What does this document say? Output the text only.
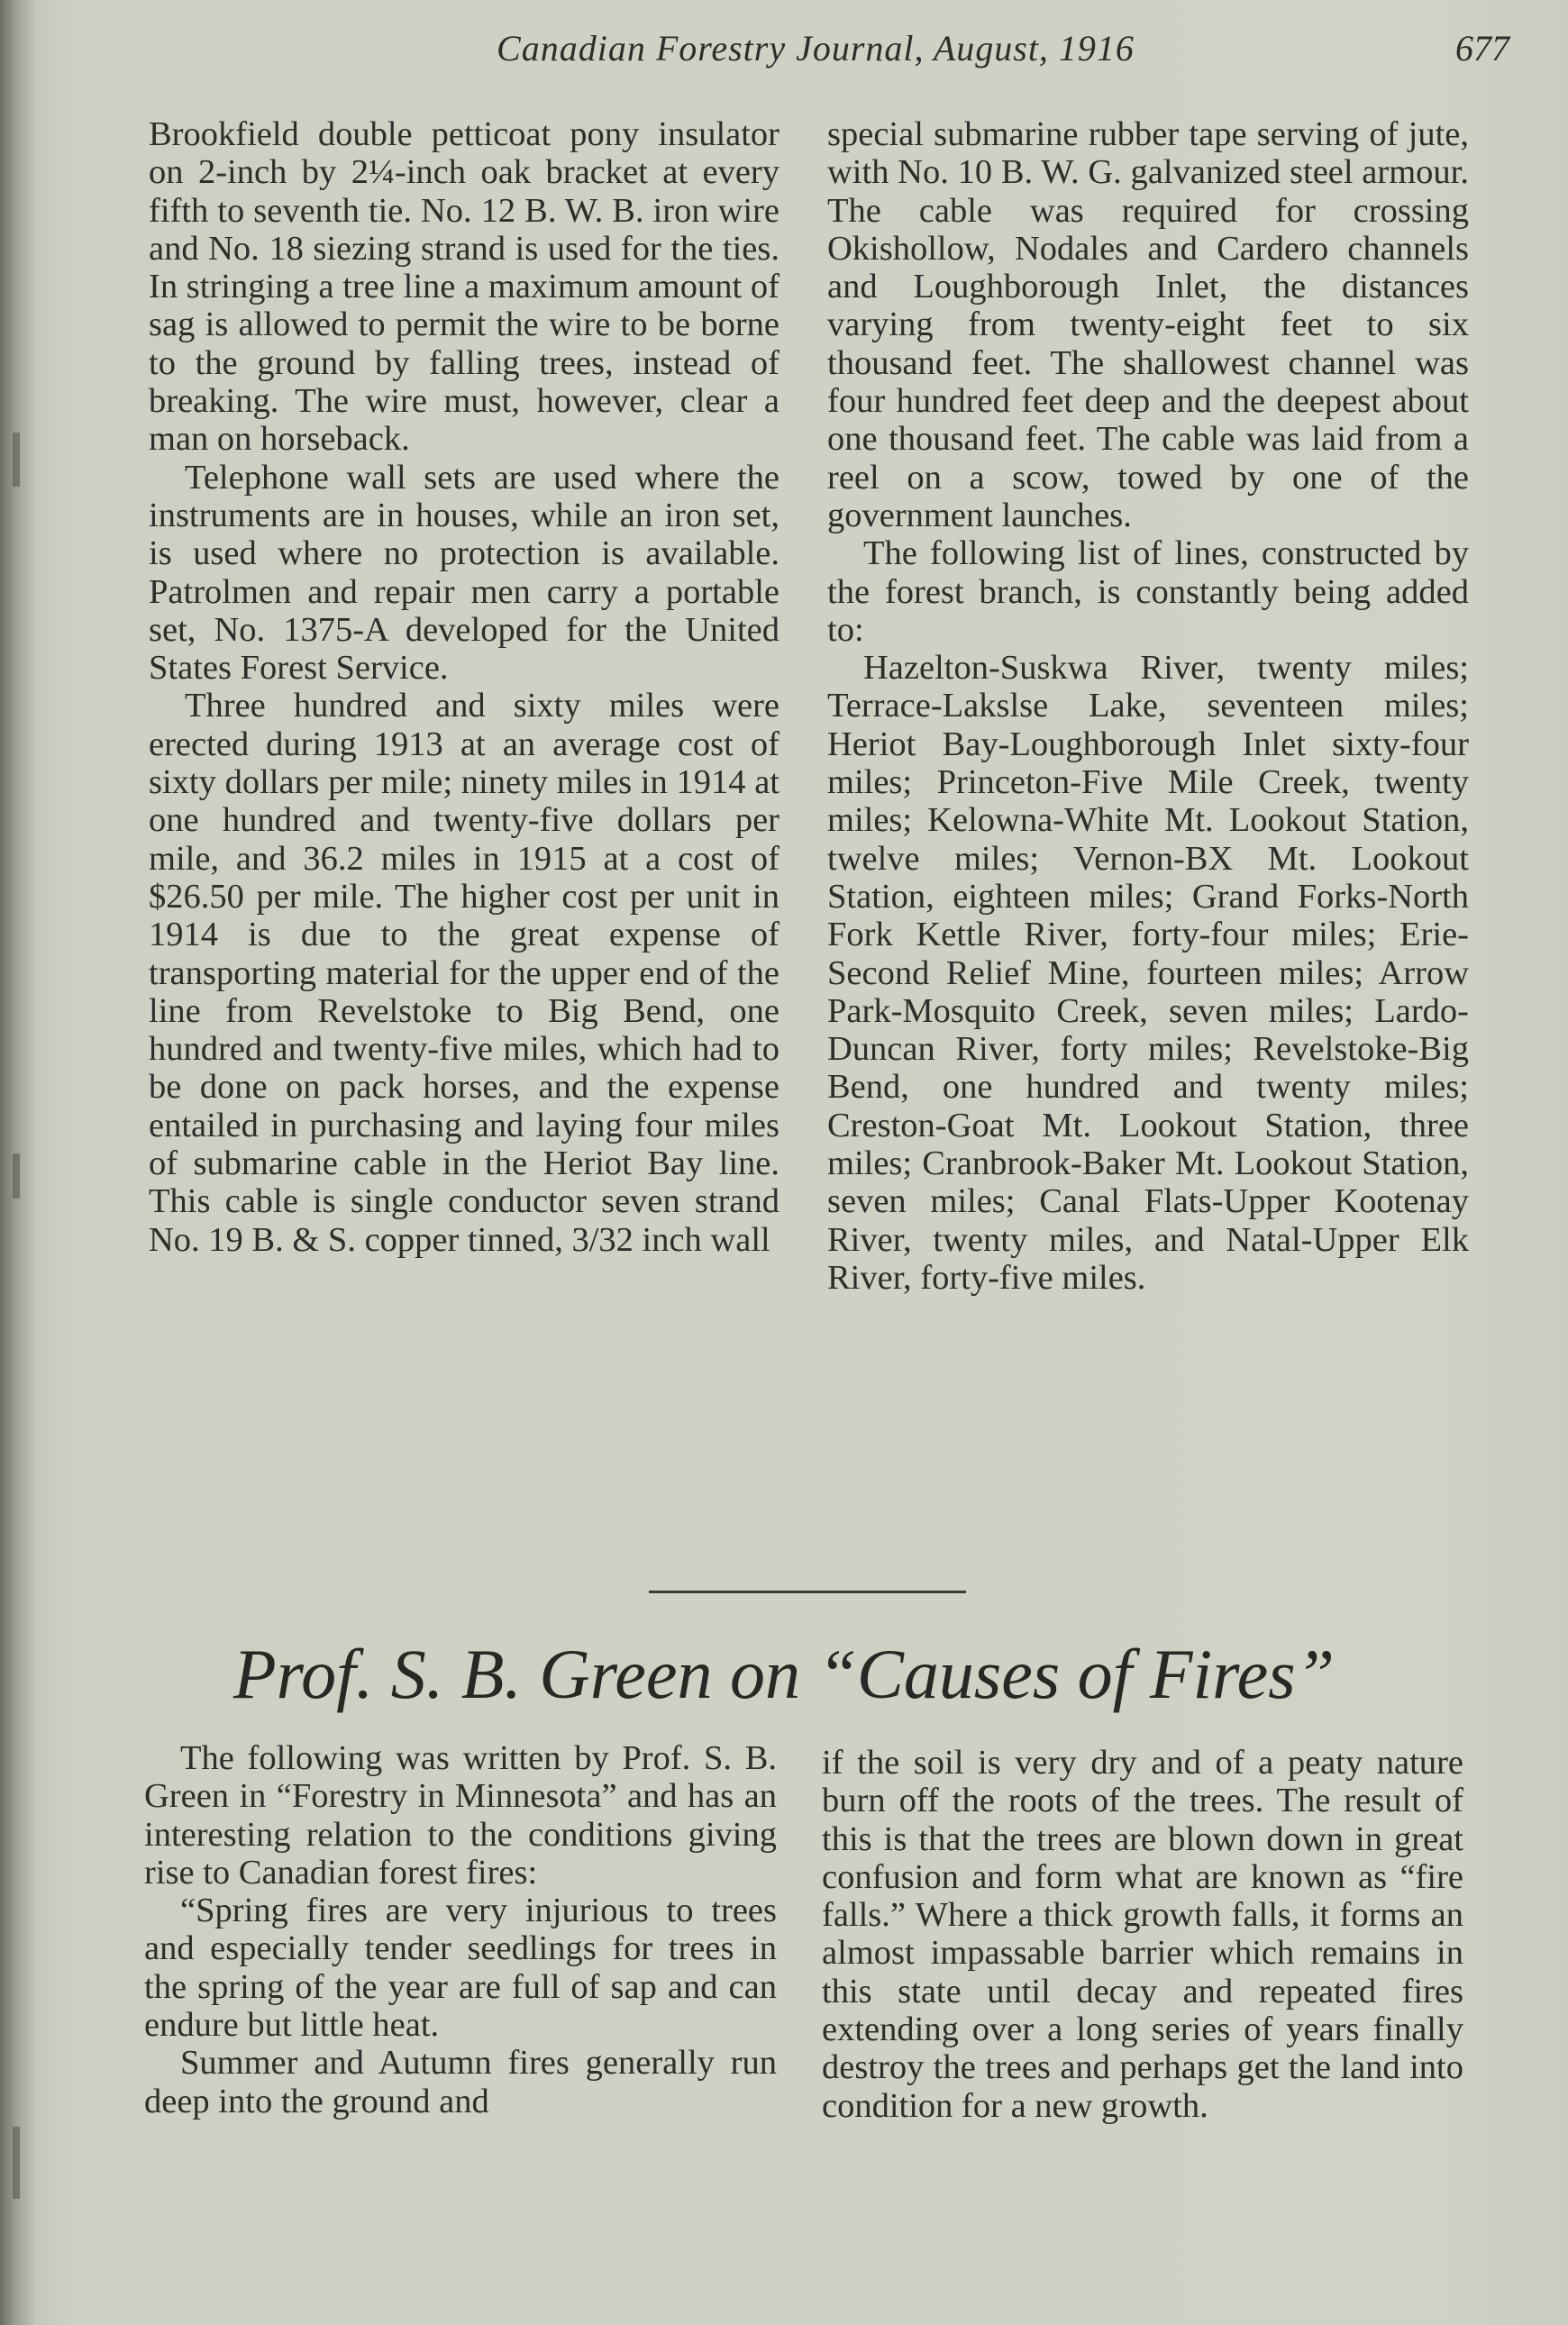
Canadian Forestry Journal, August, 1916	677

Brookfield double petticoat pony insulator on 2-inch by 2¼-inch oak bracket at every fifth to seventh tie. No. 12 B. W. B. iron wire and No. 18 siezing strand is used for the ties. In stringing a tree line a maximum amount of sag is allowed to permit the wire to be borne to the ground by falling trees, instead of breaking. The wire must, however, clear a man on horseback.

Telephone wall sets are used where the instruments are in houses, while an iron set, is used where no protection is available. Patrolmen and repair men carry a portable set, No. 1375-A developed for the United States Forest Service.

Three hundred and sixty miles were erected during 1913 at an average cost of sixty dollars per mile; ninety miles in 1914 at one hundred and twenty-five dollars per mile, and 36.2 miles in 1915 at a cost of $26.50 per mile. The higher cost per unit in 1914 is due to the great expense of transporting material for the upper end of the line from Revelstoke to Big Bend, one hundred and twenty-five miles, which had to be done on pack horses, and the expense entailed in purchasing and laying four miles of submarine cable in the Heriot Bay line. This cable is single conductor seven strand No. 19 B. & S. copper tinned, 3/32 inch wall

special submarine rubber tape serving of jute, with No. 10 B. W. G. galvanized steel armour. The cable was required for crossing Okishollow, Nodales and Cardero channels and Loughborough Inlet, the distances varying from twenty-eight feet to six thousand feet. The shallowest channel was four hundred feet deep and the deepest about one thousand feet. The cable was laid from a reel on a scow, towed by one of the government launches.

The following list of lines, constructed by the forest branch, is constantly being added to:

Hazelton-Suskwa River, twenty miles; Terrace-Lakslse Lake, seventeen miles; Heriot Bay-Loughborough Inlet sixty-four miles; Princeton-Five Mile Creek, twenty miles; Kelowna-White Mt. Lookout Station, twelve miles; Vernon-BX Mt. Lookout Station, eighteen miles; Grand Forks-North Fork Kettle River, forty-four miles; Erie-Second Relief Mine, fourteen miles; Arrow Park-Mosquito Creek, seven miles; Lardo-Duncan River, forty miles; Revelstoke-Big Bend, one hundred and twenty miles; Creston-Goat Mt. Lookout Station, three miles; Cranbrook-Baker Mt. Lookout Station, seven miles; Canal Flats-Upper Kootenay River, twenty miles, and Natal-Upper Elk River, forty-five miles.

Prof. S. B. Green on “Causes of Fires”

The following was written by Prof. S. B. Green in “Forestry in Minnesota” and has an interesting relation to the conditions giving rise to Canadian forest fires:

“Spring fires are very injurious to trees and especially tender seedlings for trees in the spring of the year are full of sap and can endure but little heat.

Summer and Autumn fires generally run deep into the ground and

if the soil is very dry and of a peaty nature burn off the roots of the trees. The result of this is that the trees are blown down in great confusion and form what are known as “fire falls.” Where a thick growth falls, it forms an almost impassable barrier which remains in this state until decay and repeated fires extending over a long series of years finally destroy the trees and perhaps get the land into condition for a new growth.
